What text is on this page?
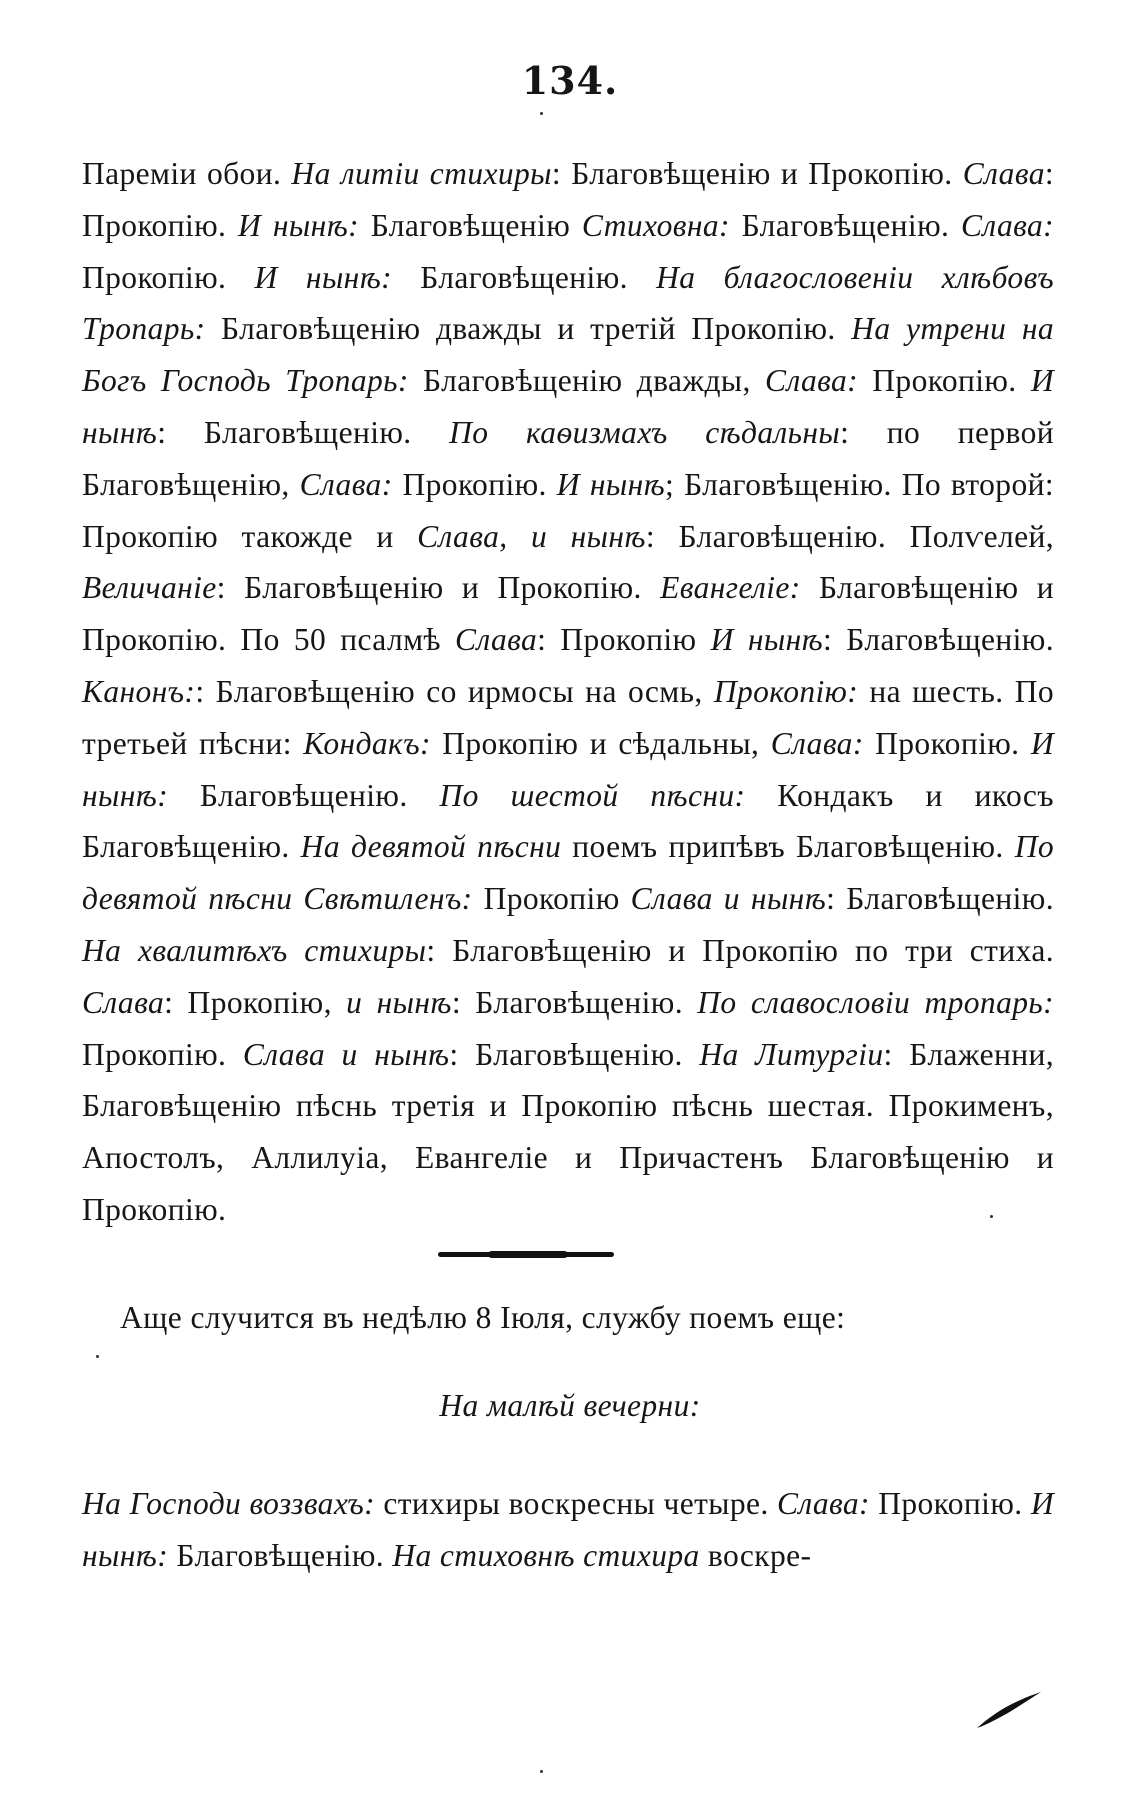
134.

Пареміи обои. На литіи стихиры: Благовѣщенію и Прокопію. Слава: Прокопію. И нынѣ: Благовѣщенію Стиховна: Благовѣщенію. Слава: Прокопію. И нынѣ: Благовѣщенію. На благословеніи хлѣбовъ Тропарь: Благовѣщенію дважды и третій Прокопію. На утрени на Богъ Господь Тропарь: Благовѣщенію дважды, Слава: Прокопію. И нынѣ: Благовѣщенію. По каѳизмахъ сѣдальны: по первой Благовѣщенію, Слава: Прокопію. И нынѣ; Благовѣщенію. По второй: Прокопію такожде и Слава, и нынѣ: Благовѣщенію. Полѵелей, Величаніе: Благовѣщенію и Прокопію. Евангеліе: Благовѣщенію и Прокопію. По 50 псалмѣ Слава: Прокопію И нынѣ: Благовѣщенію. Канонъ:: Благовѣщенію со ирмосы на осмь, Прокопію: на шесть. По третьей пѣсни: Кондакъ: Прокопію и сѣдальны, Слава: Прокопію. И нынѣ: Благовѣщенію. По шестой пѣсни: Кондакъ и икосъ Благовѣщенію. На девятой пѣсни поемъ припѣвъ Благовѣщенію. По девятой пѣсни Свѣтиленъ: Прокопію Слава и нынѣ: Благовѣщенію. На хвалитѣхъ стихиры: Благовѣщенію и Прокопію по три стиха. Слава: Прокопію, и нынѣ: Благовѣщенію. По славословіи тропарь: Прокопію. Слава и нынѣ: Благовѣщенію. На Литургіи: Блаженни, Благовѣщенію пѣснь третія и Прокопію пѣснь шестая. Прокименъ, Апостолъ, Аллилуіа, Евангеліе и Причастенъ Благовѣщенію и Прокопію.

Аще случится въ недѣлю 8 Іюля, службу поемъ еще:
На малѣй вечерни:

На Господи воззвахъ: стихиры воскресны четыре. Слава: Прокопію. И нынѣ: Благовѣщенію. На стиховнѣ стихира воскре-
